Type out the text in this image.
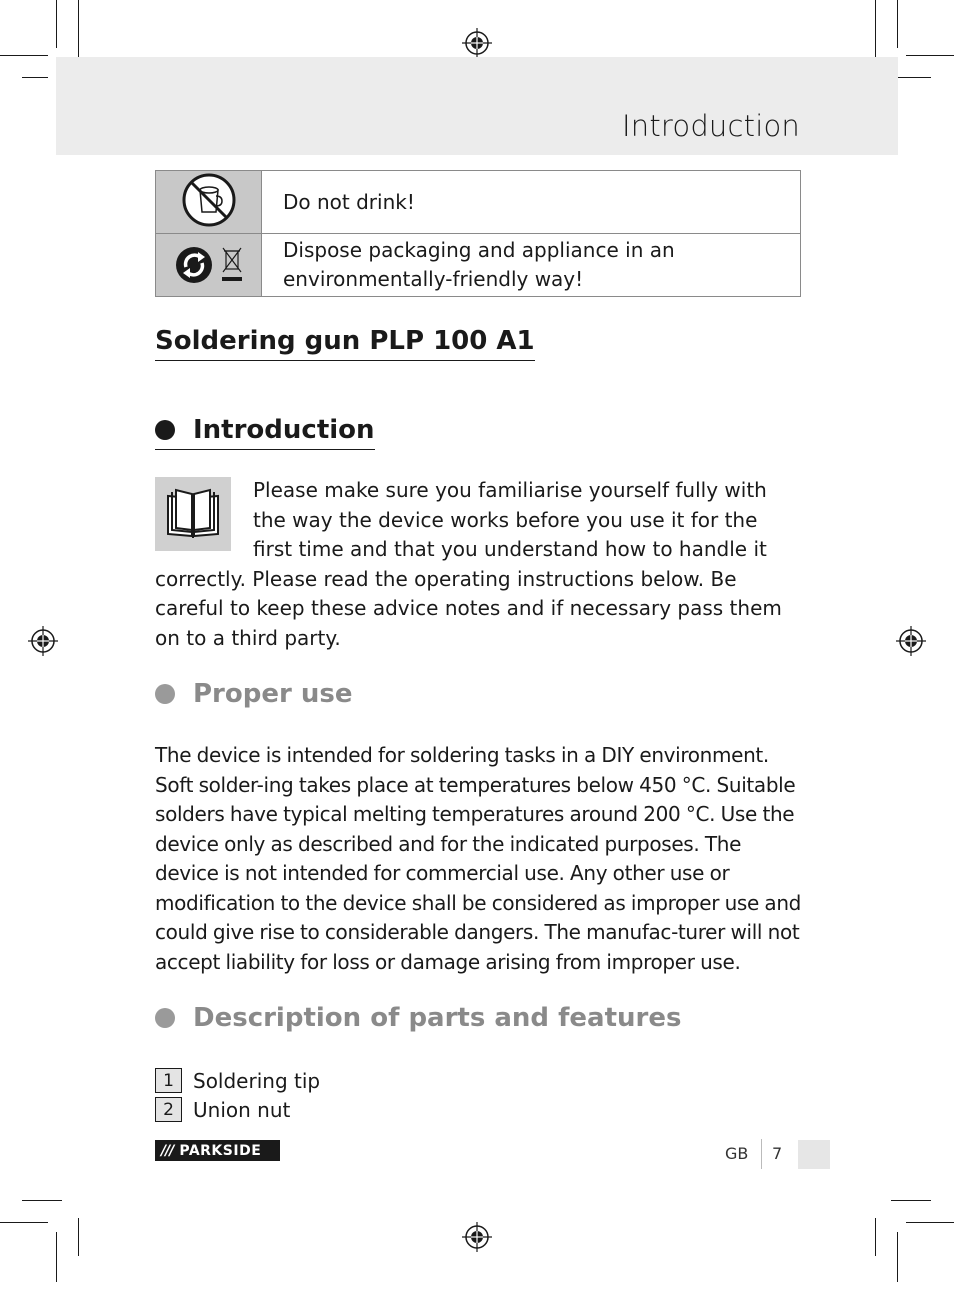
Introduction
	Do not drink!

	Dispose packaging and appliance in an environmentally-friendly way!
Soldering gun PLP 100 A1
Introduction
Please make sure you familiarise yourself fully with the way the device works before you use it for the first time and that you understand how to handle it correctly. Please read the operating instructions below. Be careful to keep these advice notes and if necessary pass them on to a third party.
Proper use
The device is intended for soldering tasks in a DIY environment. Soft solder-ing takes place at temperatures below 450 °C. Suitable solders have typical melting temperatures around 200 °C. Use the device only as described and for the indicated purposes. The device is not intended for commercial use. Any other use or modification to the device shall be considered as improper use and could give rise to considerable dangers. The manufac-turer will not accept liability for loss or damage arising from improper use.
Description of parts and features
1 Soldering tip
2 Union nut
/// PARKSIDE	GB 7
